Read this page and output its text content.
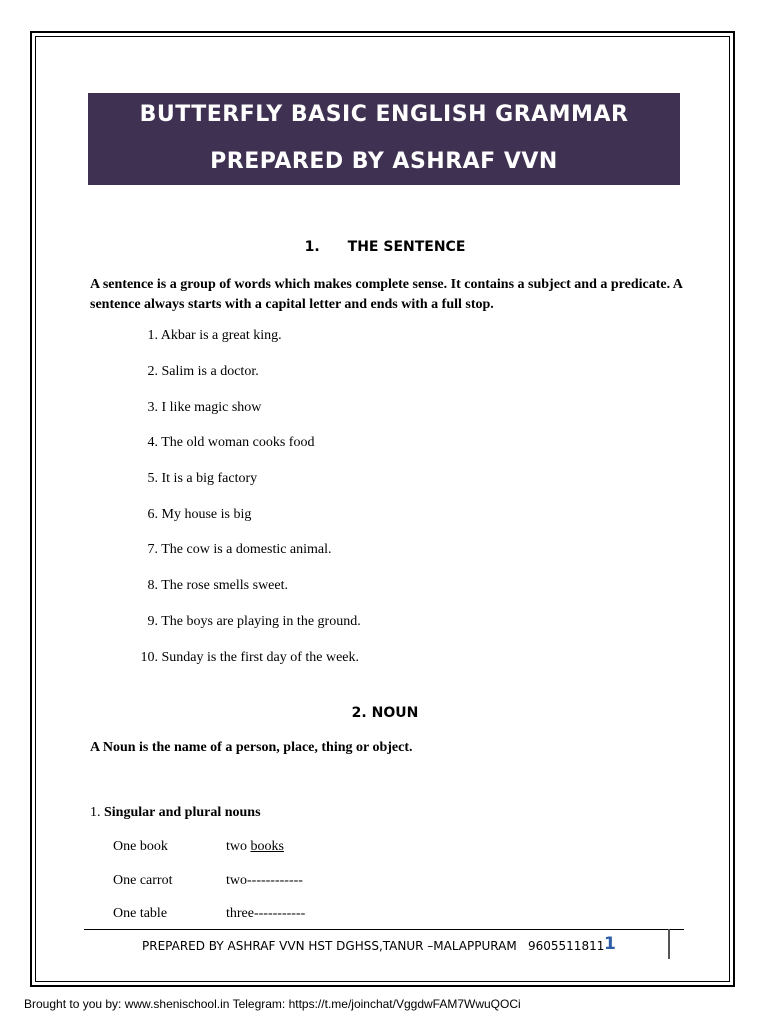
BUTTERFLY BASIC ENGLISH GRAMMAR
PREPARED BY ASHRAF VVN
1. THE SENTENCE
A sentence is a group of words which makes complete sense. It contains a subject and a predicate. A sentence always starts with a capital letter and ends with a full stop.
1. Akbar is a great king.
2. Salim is a doctor.
3. I like magic show
4. The old woman cooks food
5. It is a big factory
6. My house is big
7. The cow is a domestic animal.
8. The rose smells sweet.
9. The boys are playing in the ground.
10. Sunday is the first day of the week.
2. NOUN
A Noun is the name of a person, place, thing or object.
1. Singular and plural nouns
One book	two books
One carrot	two------------
One table	three-----------
PREPARED BY ASHRAF VVN HST DGHSS,TANUR –MALAPPURAM 9605511811 1
Brought to you by: www.shenischool.in Telegram: https://t.me/joinchat/VggdwFAM7WwuQOCi
